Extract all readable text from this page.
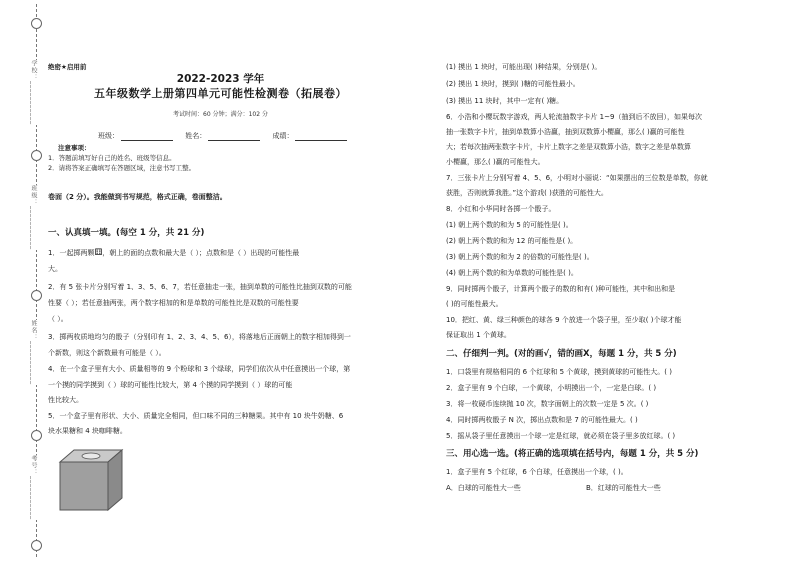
学校：___________
班级：___________
姓名：___________
考号：___________
绝密★启用前
2022-2023 学年
五年级数学上册第四单元可能性检测卷（拓展卷）
考试时间：60 分钟；满分：102 分
班级：	姓名：	成绩：
注意事项：
1．答题前填写好自己的姓名、班级等信息。
2．请将答案正确填写在答题区域，注意书写工整。
卷面（2 分）。我能做到书写规范，格式正确，卷面整洁。
一、认真填一填。(每空 1 分，共 21 分)
1．一起掷两颗⚅，朝上的面的点数和最大是（ ）；点数和是（ ）出现的可能性最
大。
2．有 5 张卡片分别写着 1、3、5、6、7，若任意抽走一张，抽到单数的可能性比抽到双数的可能
性要（ ）；若任意抽两张，两个数字相加的和是单数的可能性比是双数的可能性要
（ ）。
3．掷两枚质地均匀的骰子（分别印有 1、2、3、4、5、6），将落地后正面朝上的数字相加得到一
个新数，则这个新数最有可能是（ ）。
4．在一个盒子里有大小、质量相等的 9 个粉球和 3 个绿球，同学们依次从中任意摸出一个球，第
一个摸的同学摸到（ ）球的可能性比较大，第 4 个摸的同学摸到（ ）球的可能
性比较大。
5．一个盒子里有形状、大小、质量完全相同，但口味不同的三种糖果。其中有 10 块牛奶糖、6
块水果糖和 4 块咖啡糖。
(1) 摸出 1 块时，可能出现( )种结果，分别是( )。
(2) 摸出 1 块时，摸到( )糖的可能性最小。
(3) 摸出 11 块时，其中一定有( )糖。
6．小浩和小樱玩数字游戏，两人轮流抽数字卡片 1~9（抽到后不放回），如果每次
抽一张数字卡片，抽到单数算小浩赢，抽到双数算小樱赢，那么( )赢的可能性
大；若每次抽两张数字卡片，卡片上数字之差是双数算小浩，数字之差是单数算
小樱赢，那么( )赢的可能性大。
7．三张卡片上分别写着 4、5、6，小明对小丽说：“如果摆出的三位数是单数，你就
获胜，否则就算我胜。”这个游戏( )获胜的可能性大。
8．小红和小华同时各掷一个骰子。
(1) 朝上两个数的和为 5 的可能性是( )。
(2) 朝上两个数的和为 12 的可能性是( )。
(3) 朝上两个数的和为 2 的倍数的可能性是( )。
(4) 朝上两个数的和为单数的可能性是( )。
9．同时掷两个骰子，计算两个骰子的数的和有( )种可能性，其中和出和是
( )的可能性最大。
10．把红、黄、绿三种颜色的球各 9 个放进一个袋子里，至少取( )个球才能
保证取出 1 个黄球。
二、仔细判一判。(对的画√，错的画Ⅹ，每题 1 分，共 5 分)
1．口袋里有规格相同的 6 个红球和 5 个黄球，摸到黄球的可能性大。( )
2．盒子里有 9 个白球，一个黄球，小明摸出一个，一定是白球。( )
3．将一枚硬币连续抛 10 次，数字面朝上的次数一定是 5 次。( )
4．同时掷两枚骰子 N 次，掷出点数和是 7 的可能性最大。( )
5．摇从袋子里任意摸出一个球一定是红球，就必须在袋子里多放红球。( )
三、用心选一选。(将正确的选项填在括号内，每题 1 分，共 5 分)
1．盒子里有 5 个红球，6 个白球，任意摸出一个球，( )。
A．白球的可能性大一些	B．红球的可能性大一些
